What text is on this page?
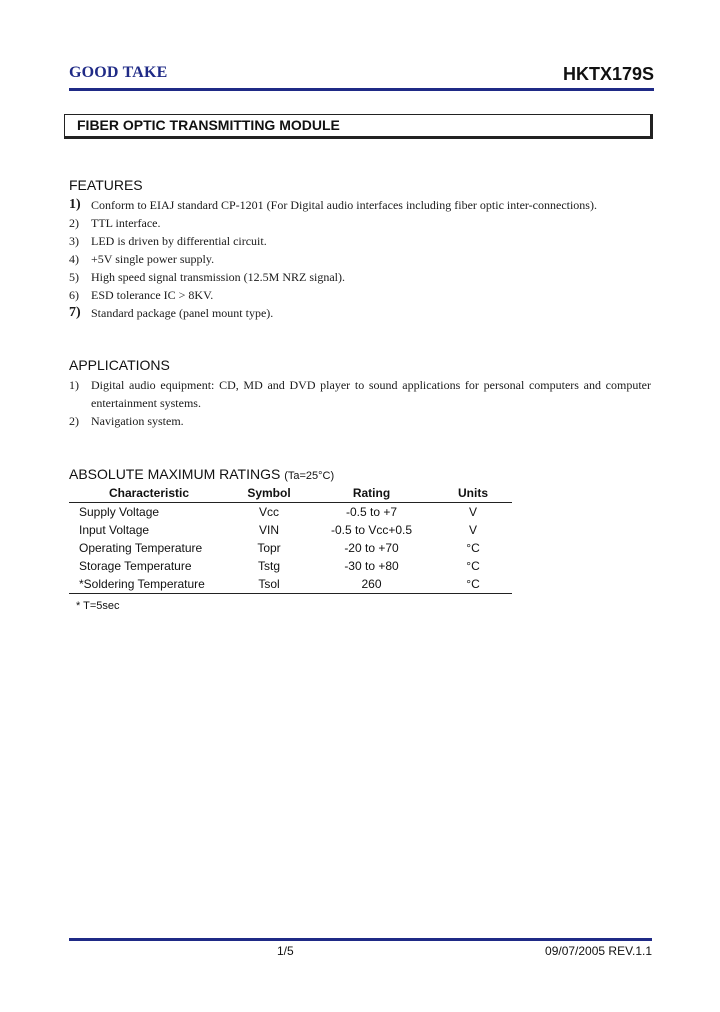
GOOD TAKE	HKTX179S
FIBER OPTIC TRANSMITTING MODULE
FEATURES
1) Conform to EIAJ standard CP-1201 (For Digital audio interfaces including fiber optic inter-connections).
2)	TTL interface.
3)	LED is driven by differential circuit.
4)	+5V single power supply.
5)	High speed signal transmission (12.5M NRZ signal).
6)	ESD tolerance IC > 8KV.
7) Standard package (panel mount type).
APPLICATIONS
1) Digital audio equipment: CD, MD and DVD player to sound applications for personal computers and computer entertainment systems.
2) Navigation system.
ABSOLUTE MAXIMUM RATINGS (Ta=25°C)
Characteristic	Symbol	Rating	Units
Supply Voltage	Vcc	-0.5 to +7	V
Input Voltage	VIN	-0.5 to Vcc+0.5	V
Operating Temperature	Topr	-20 to +70	°C
Storage Temperature	Tstg	-30 to +80	°C
*Soldering Temperature	Tsol	260	°C
* T=5sec
1/5	09/07/2005 REV.1.1
